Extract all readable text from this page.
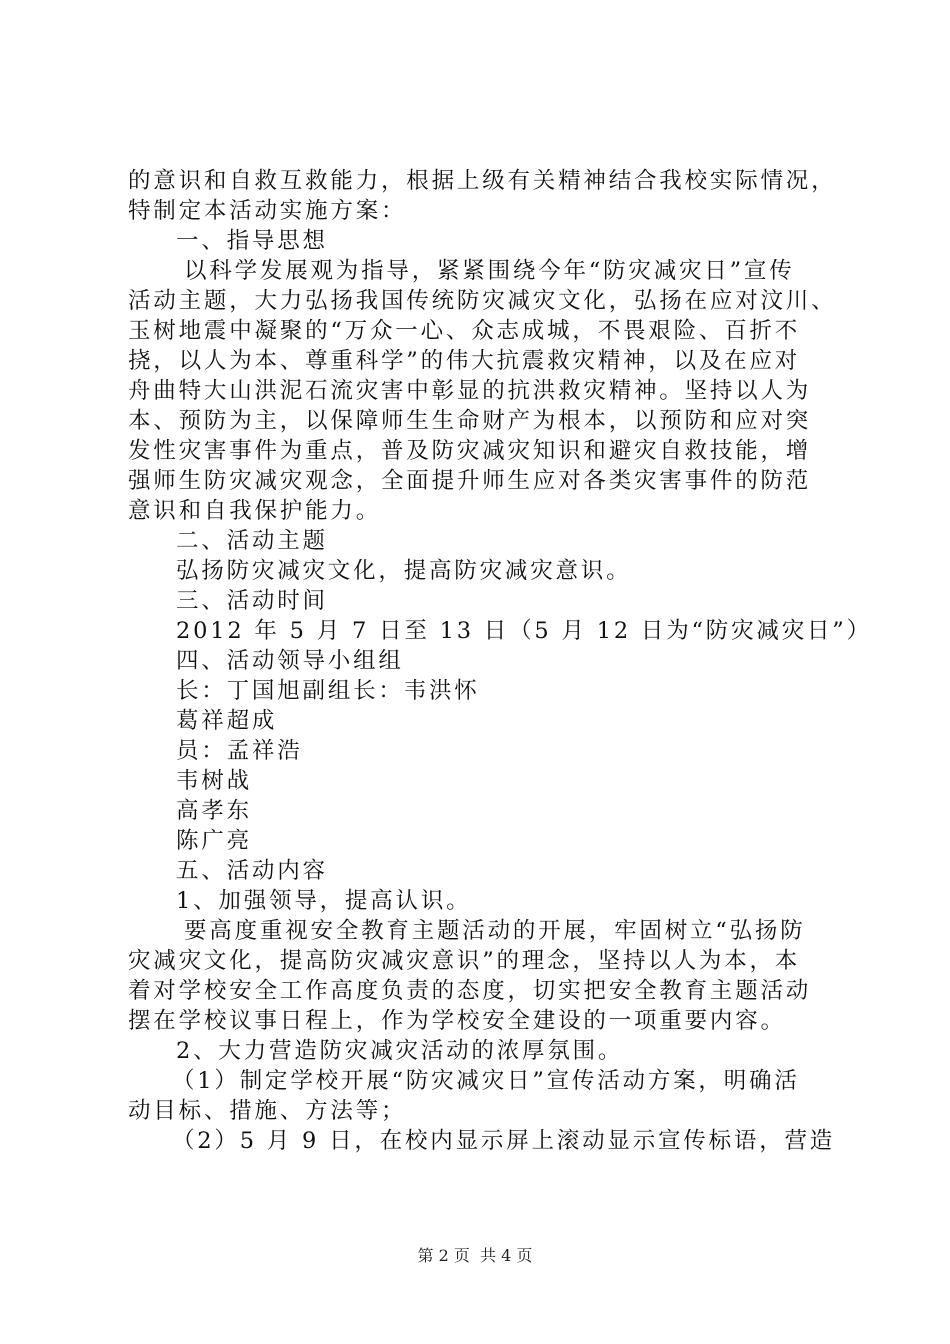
的意识和自救互救能力，根据上级有关精神结合我校实际情况，
特制定本活动实施方案：
一、指导思想
以科学发展观为指导，紧紧围绕今年“防灾减灾日”宣传
活动主题，大力弘扬我国传统防灾减灾文化，弘扬在应对汶川、
玉树地震中凝聚的“万众一心、众志成城，不畏艰险、百折不
挠，以人为本、尊重科学”的伟大抗震救灾精神，以及在应对
舟曲特大山洪泥石流灾害中彰显的抗洪救灾精神。坚持以人为
本、预防为主，以保障师生生命财产为根本，以预防和应对突
发性灾害事件为重点，普及防灾减灾知识和避灾自救技能，增
强师生防灾减灾观念，全面提升师生应对各类灾害事件的防范
意识和自我保护能力。
二、活动主题
弘扬防灾减灾文化，提高防灾减灾意识。
三、活动时间
2012 年 5 月 7 日至 13 日（5 月 12 日为“防灾减灾日”）
四、活动领导小组组
长：丁国旭副组长：韦洪怀
葛祥超成
员：孟祥浩
韦树战
高孝东
陈广亮
五、活动内容
1、加强领导，提高认识。
要高度重视安全教育主题活动的开展，牢固树立“弘扬防
灾减灾文化，提高防灾减灾意识”的理念，坚持以人为本，本
着对学校安全工作高度负责的态度，切实把安全教育主题活动
摆在学校议事日程上，作为学校安全建设的一项重要内容。
2、大力营造防灾减灾活动的浓厚氛围。
（1）制定学校开展“防灾减灾日”宣传活动方案，明确活
动目标、措施、方法等；
（2）5 月 9 日，在校内显示屏上滚动显示宣传标语，营造
第 2 页  共 4 页
